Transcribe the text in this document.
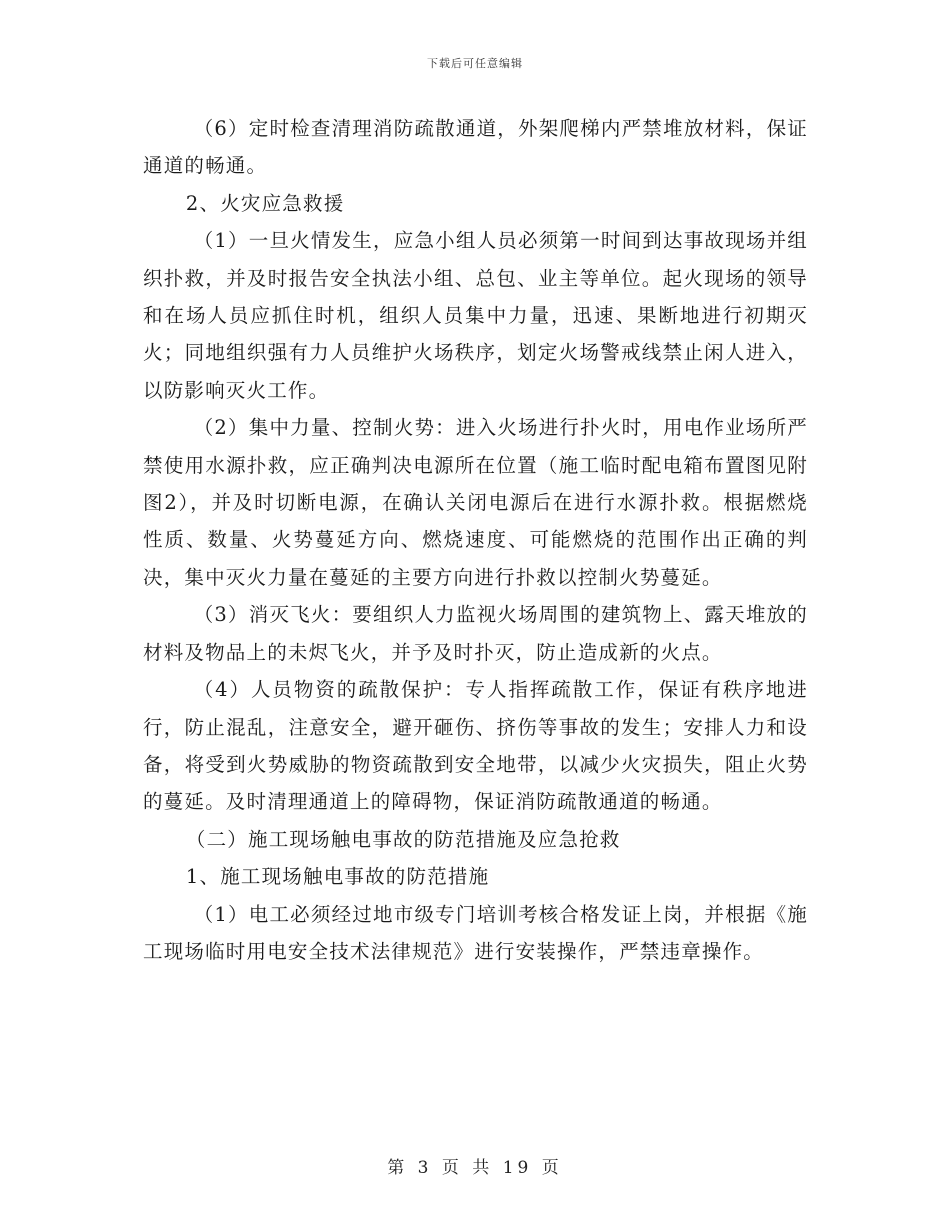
下载后可任意编辑

（6）定时检查清理消防疏散通道，外架爬梯内严禁堆放材料，保证通道的畅通。

2、火灾应急救援

（1）一旦火情发生，应急小组人员必须第一时间到达事故现场并组织扑救，并及时报告安全执法小组、总包、业主等单位。起火现场的领导和在场人员应抓住时机，组织人员集中力量，迅速、果断地进行初期灭火；同地组织强有力人员维护火场秩序，划定火场警戒线禁止闲人进入，以防影响灭火工作。

（2）集中力量、控制火势：进入火场进行扑火时，用电作业场所严禁使用水源扑救，应正确判决电源所在位置（施工临时配电箱布置图见附图2），并及时切断电源，在确认关闭电源后在进行水源扑救。根据燃烧性质、数量、火势蔓延方向、燃烧速度、可能燃烧的范围作出正确的判决，集中灭火力量在蔓延的主要方向进行扑救以控制火势蔓延。

（3）消灭飞火：要组织人力监视火场周围的建筑物上、露天堆放的材料及物品上的未烬飞火，并予及时扑灭，防止造成新的火点。

（4）人员物资的疏散保护：专人指挥疏散工作，保证有秩序地进行，防止混乱，注意安全，避开砸伤、挤伤等事故的发生；安排人力和设备，将受到火势威胁的物资疏散到安全地带，以减少火灾损失，阻止火势的蔓延。及时清理通道上的障碍物，保证消防疏散通道的畅通。

（二）施工现场触电事故的防范措施及应急抢救

1、施工现场触电事故的防范措施

（1）电工必须经过地市级专门培训考核合格发证上岗，并根据《施工现场临时用电安全技术法律规范》进行安装操作，严禁违章操作。

第 3 页 共 19 页
